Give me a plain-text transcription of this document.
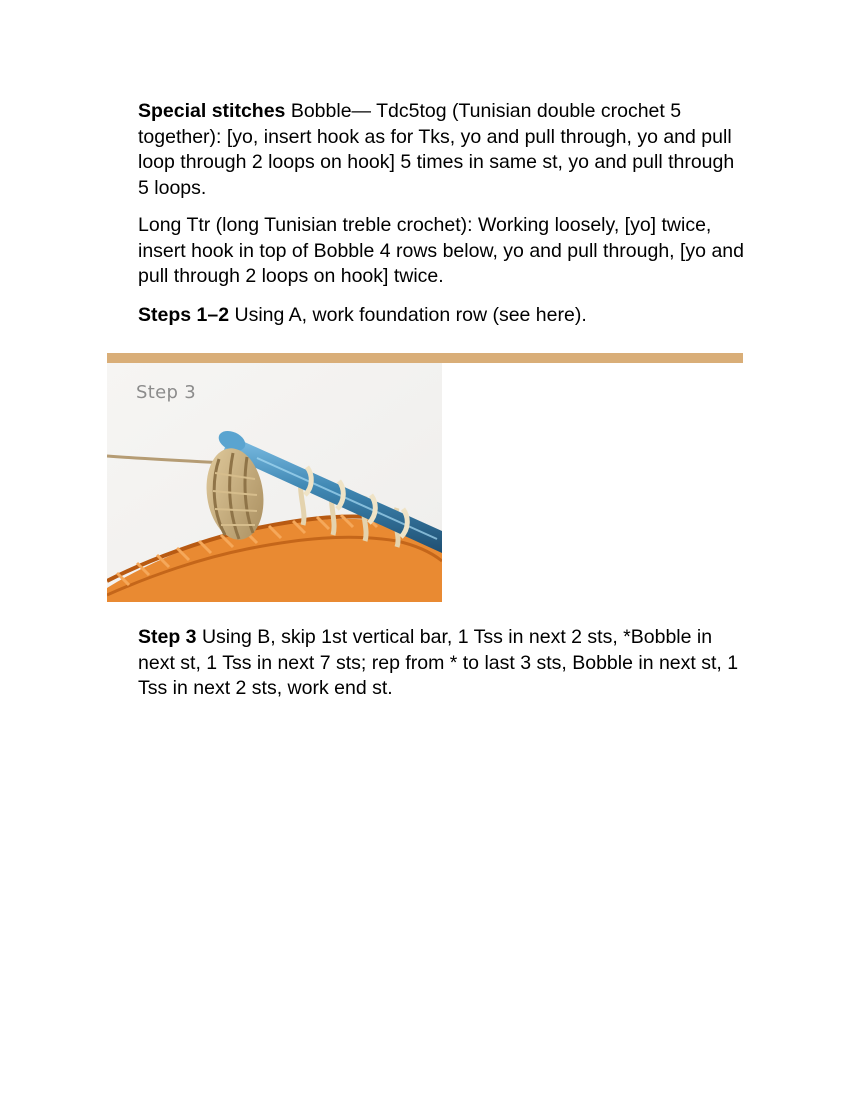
Special stitches Bobble— Tdc5tog (Tunisian double crochet 5 together): [yo, insert hook as for Tks, yo and pull through, yo and pull loop through 2 loops on hook] 5 times in same st, yo and pull through 5 loops.

Long Ttr (long Tunisian treble crochet): Working loosely, [yo] twice, insert hook in top of Bobble 4 rows below, yo and pull through, [yo and pull through 2 loops on hook] twice.

Steps 1–2 Using A, work foundation row (see here).

Step 3

Step 3 Using B, skip 1st vertical bar, 1 Tss in next 2 sts, *Bobble in next st, 1 Tss in next 7 sts; rep from * to last 3 sts, Bobble in next st, 1 Tss in next 2 sts, work end st.
